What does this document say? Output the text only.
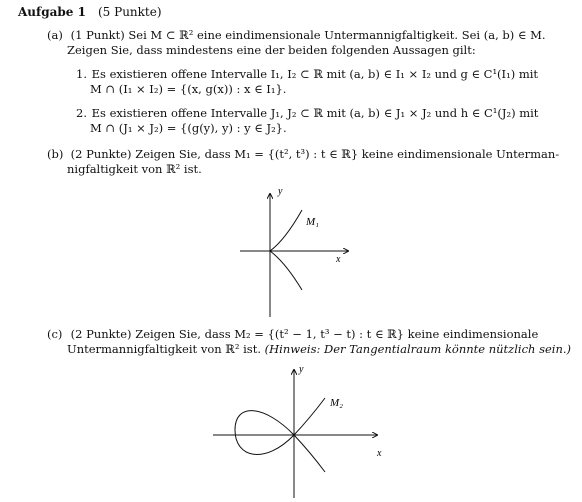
Aufgabe 1 (5 Punkte)
(a) (1 Punkt) Sei M ⊂ ℝ² eine eindimensionale Untermannigfaltigkeit. Sei (a, b) ∈ M.
Zeigen Sie, dass mindestens eine der beiden folgenden Aussagen gilt:
1. Es existieren offene Intervalle I₁, I₂ ⊂ ℝ mit (a, b) ∈ I₁ × I₂ und g ∈ C¹(I₁) mit
M ∩ (I₁ × I₂) = {(x, g(x)) : x ∈ I₁}.
2. Es existieren offene Intervalle J₁, J₂ ⊂ ℝ mit (a, b) ∈ J₁ × J₂ und h ∈ C¹(J₂) mit
M ∩ (J₁ × J₂) = {(g(y), y) : y ∈ J₂}.
(b) (2 Punkte) Zeigen Sie, dass M₁ = {(t², t³) : t ∈ ℝ} keine eindimensionale Unterman-
nigfaltigkeit von ℝ² ist.
y
x
M₁
(c) (2 Punkte) Zeigen Sie, dass M₂ = {(t² − 1, t³ − t) : t ∈ ℝ} keine eindimensionale
Untermannigfaltigkeit von ℝ² ist. (Hinweis: Der Tangentialraum könnte nützlich sein.)
y
x
M₂
